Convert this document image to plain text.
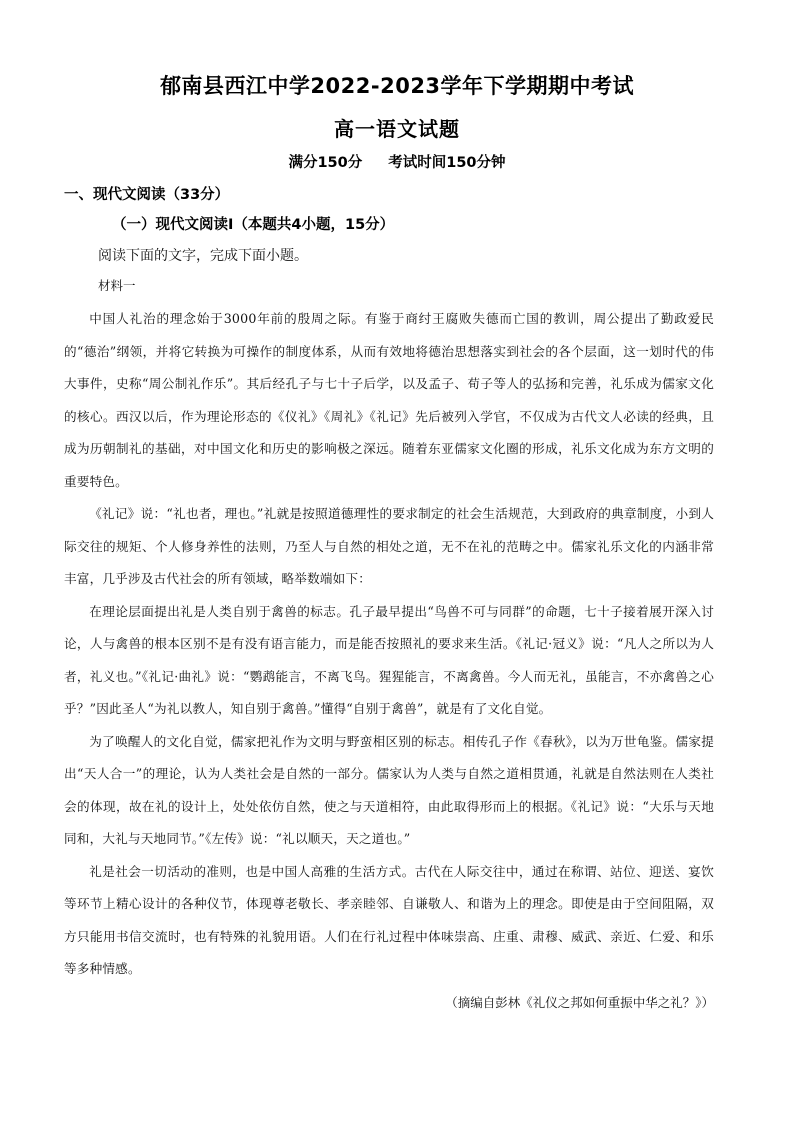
郁南县西江中学2022-2023学年下学期期中考试
高一语文试题
满分150分 考试时间150分钟
一、现代文阅读（33分）
（一）现代文阅读Ⅰ（本题共4小题，15分）
阅读下面的文字，完成下面小题。
材料一

中国人礼治的理念始于3000年前的殷周之际。有鉴于商纣王腐败失德而亡国的教训，周公提出了勤政爱民的“德治”纲领，并将它转换为可操作的制度体系，从而有效地将德治思想落实到社会的各个层面，这一划时代的伟大事件，史称“周公制礼作乐”。其后经孔子与七十子后学，以及孟子、荀子等人的弘扬和完善，礼乐成为儒家文化的核心。西汉以后，作为理论形态的《仪礼》《周礼》《礼记》先后被列入学官，不仅成为古代文人必读的经典，且成为历朝制礼的基础，对中国文化和历史的影响极之深远。随着东亚儒家文化圈的形成，礼乐文化成为东方文明的重要特色。

《礼记》说：“礼也者，理也。”礼就是按照道德理性的要求制定的社会生活规范，大到政府的典章制度，小到人际交往的规矩、个人修身养性的法则，乃至人与自然的相处之道，无不在礼的范畴之中。儒家礼乐文化的内涵非常丰富，几乎涉及古代社会的所有领域，略举数端如下：

在理论层面提出礼是人类自别于禽兽的标志。孔子最早提出“鸟兽不可与同群”的命题，七十子接着展开深入讨论，人与禽兽的根本区别不是有没有语言能力，而是能否按照礼的要求来生活。《礼记·冠义》说：“凡人之所以为人者，礼义也。”《礼记·曲礼》说：“鹦鹉能言，不离飞鸟。猩猩能言，不离禽兽。今人而无礼，虽能言，不亦禽兽之心乎？”因此圣人“为礼以教人，知自别于禽兽。”懂得“自别于禽兽”，就是有了文化自觉。

为了唤醒人的文化自觉，儒家把礼作为文明与野蛮相区别的标志。相传孔子作《春秋》，以为万世龟鉴。儒家提出“天人合一”的理论，认为人类社会是自然的一部分。儒家认为人类与自然之道相贯通，礼就是自然法则在人类社会的体现，故在礼的设计上，处处依仿自然，使之与天道相符，由此取得形而上的根据。《礼记》说：“大乐与天地同和，大礼与天地同节。”《左传》说：“礼以顺天，天之道也。”

礼是社会一切活动的准则，也是中国人高雅的生活方式。古代在人际交往中，通过在称谓、站位、迎送、宴饮等环节上精心设计的各种仪节，体现尊老敬长、孝亲睦邻、自谦敬人、和谐为上的理念。即使是由于空间阻隔，双方只能用书信交流时，也有特殊的礼貌用语。人们在行礼过程中体味崇高、庄重、肃穆、威武、亲近、仁爱、和乐等多种情感。

（摘编自彭林《礼仪之邦如何重振中华之礼？》）
